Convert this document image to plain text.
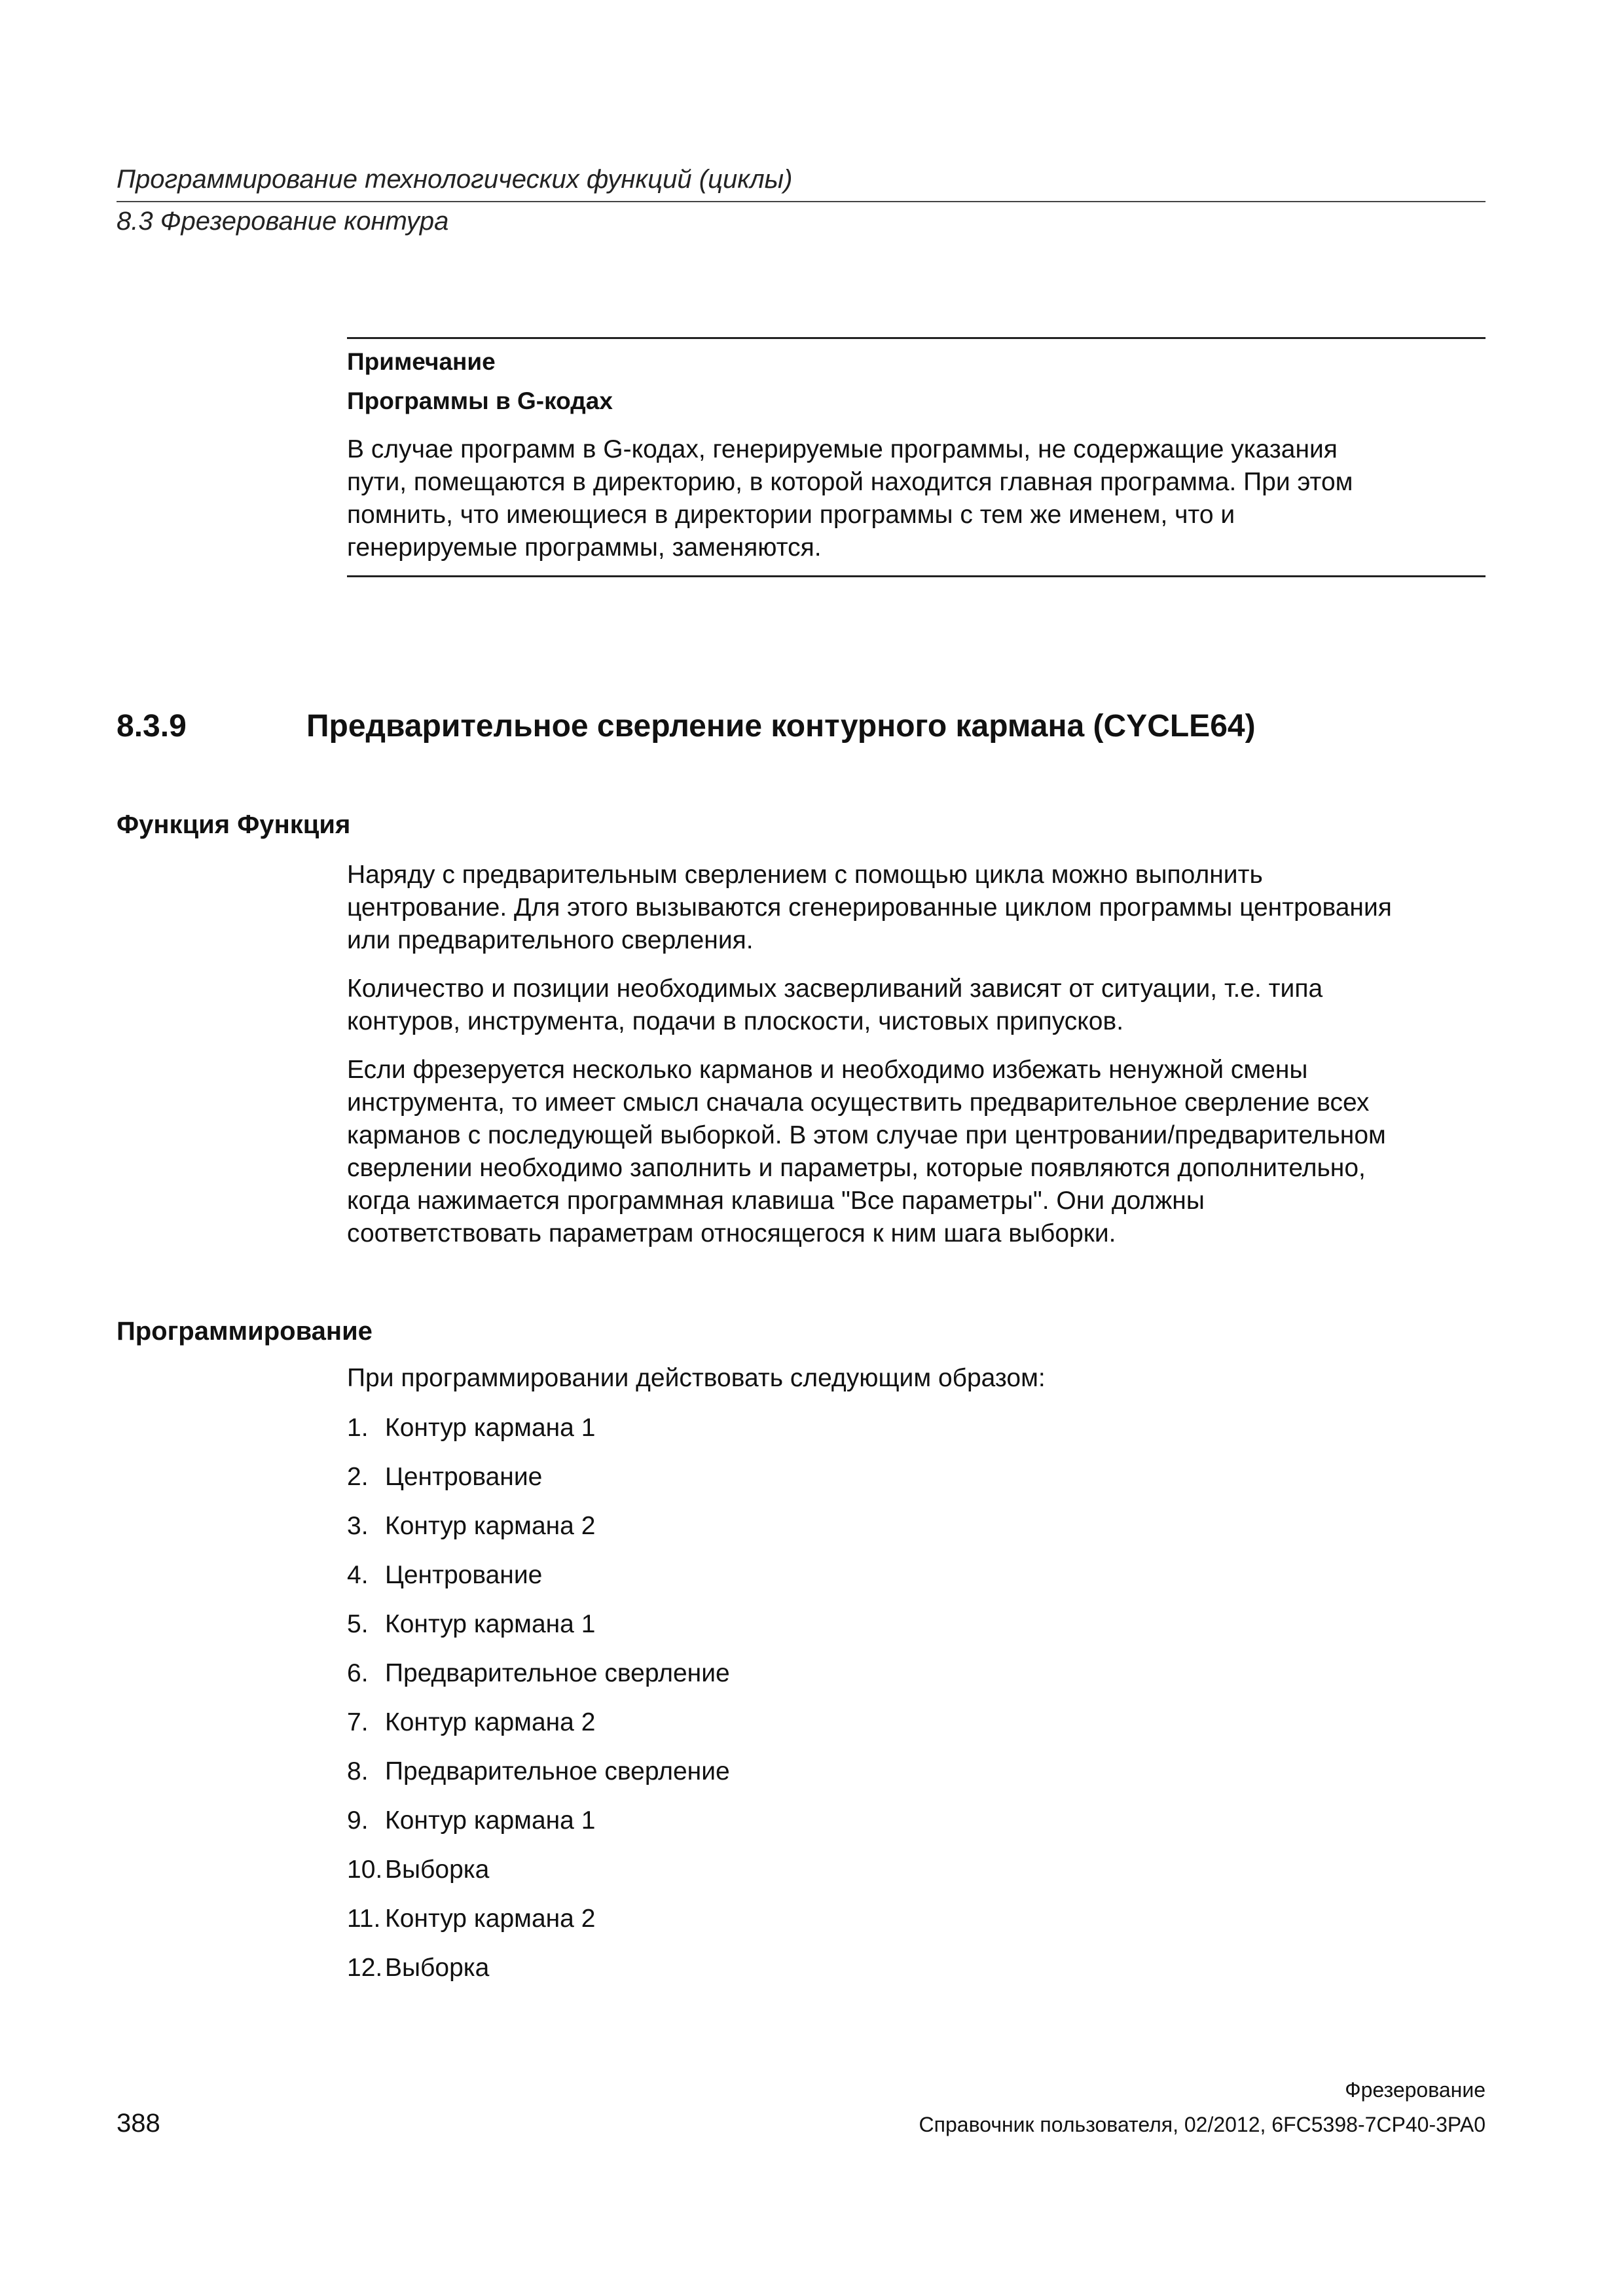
Программирование технологических функций (циклы)
8.3 Фрезерование контура
Примечание
Программы в G-кодах
В случае программ в G-кодах, генерируемые программы, не содержащие указания
пути, помещаются в директорию, в которой находится главная программа. При этом
помнить, что имеющиеся в директории программы с тем же именем, что и
генерируемые программы, заменяются.
8.3.9	Предварительное сверление контурного кармана (CYCLE64)
Функция Функция
Наряду с предварительным сверлением с помощью цикла можно выполнить
центрование. Для этого вызываются сгенерированные циклом программы центрования
или предварительного сверления.
Количество и позиции необходимых засверливаний зависят от ситуации, т.е. типа
контуров, инструмента, подачи в плоскости, чистовых припусков.
Если фрезеруется несколько карманов и необходимо избежать ненужной смены
инструмента, то имеет смысл сначала осуществить предварительное сверление всех
карманов с последующей выборкой. В этом случае при центровании/предварительном
сверлении необходимо заполнить и параметры, которые появляются дополнительно,
когда нажимается программная клавиша "Все параметры". Они должны
соответствовать параметрам относящегося к ним шага выборки.
Программирование
При программировании действовать следующим образом:
1. Контур кармана 1
2. Центрование
3. Контур кармана 2
4. Центрование
5. Контур кармана 1
6. Предварительное сверление
7. Контур кармана 2
8. Предварительное сверление
9. Контур кармана 1
10.Выборка
11. Контур кармана 2
12.Выборка
Фрезерование
388	Справочник пользователя, 02/2012, 6FC5398-7CP40-3PA0
